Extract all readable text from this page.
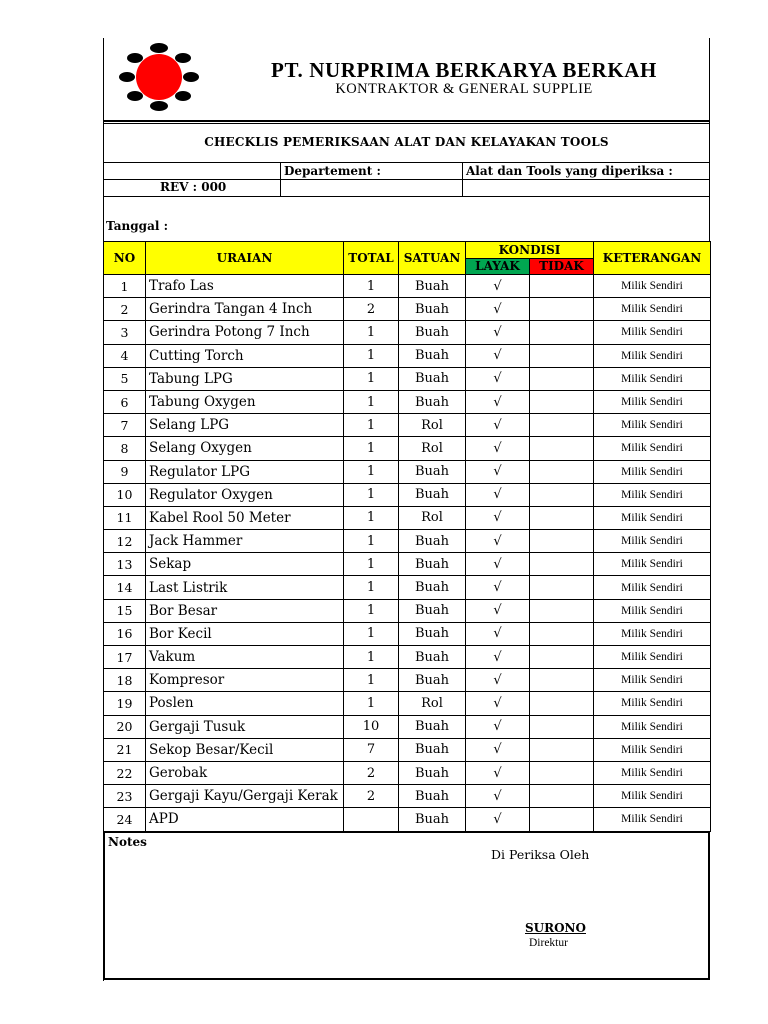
PT. NURPRIMA BERKARYA BERKAH
KONTRAKTOR & GENERAL SUPPLIE
CHECKLIS PEMERIKSAAN ALAT DAN KELAYAKAN TOOLS
Departement :	Alat dan Tools yang diperiksa :
REV : 000
Tanggal :
NO	URAIAN	TOTAL	SATUAN	KONDISI		KETERANGAN
				LAYAK	TIDAK	
1	Trafo Las	1	Buah	√		Milik Sendiri
2	Gerindra Tangan 4 Inch	2	Buah	√		Milik Sendiri
3	Gerindra Potong 7 Inch	1	Buah	√		Milik Sendiri
4	Cutting Torch	1	Buah	√		Milik Sendiri
5	Tabung LPG	1	Buah	√		Milik Sendiri
6	Tabung Oxygen	1	Buah	√		Milik Sendiri
7	Selang LPG	1	Rol	√		Milik Sendiri
8	Selang Oxygen	1	Rol	√		Milik Sendiri
9	Regulator LPG	1	Buah	√		Milik Sendiri
10	Regulator Oxygen	1	Buah	√		Milik Sendiri
11	Kabel Rool 50 Meter	1	Rol	√		Milik Sendiri
12	Jack Hammer	1	Buah	√		Milik Sendiri
13	Sekap	1	Buah	√		Milik Sendiri
14	Last Listrik	1	Buah	√		Milik Sendiri
15	Bor Besar	1	Buah	√		Milik Sendiri
16	Bor Kecil	1	Buah	√		Milik Sendiri
17	Vakum	1	Buah	√		Milik Sendiri
18	Kompresor	1	Buah	√		Milik Sendiri
19	Poslen	1	Rol	√		Milik Sendiri
20	Gergaji Tusuk	10	Buah	√		Milik Sendiri
21	Sekop Besar/Kecil	7	Buah	√		Milik Sendiri
22	Gerobak	2	Buah	√		Milik Sendiri
23	Gergaji Kayu/Gergaji Kerak	2	Buah	√		Milik Sendiri
24	APD		Buah	√		Milik Sendiri
Notes
Di Periksa Oleh
SURONO
Direktur
